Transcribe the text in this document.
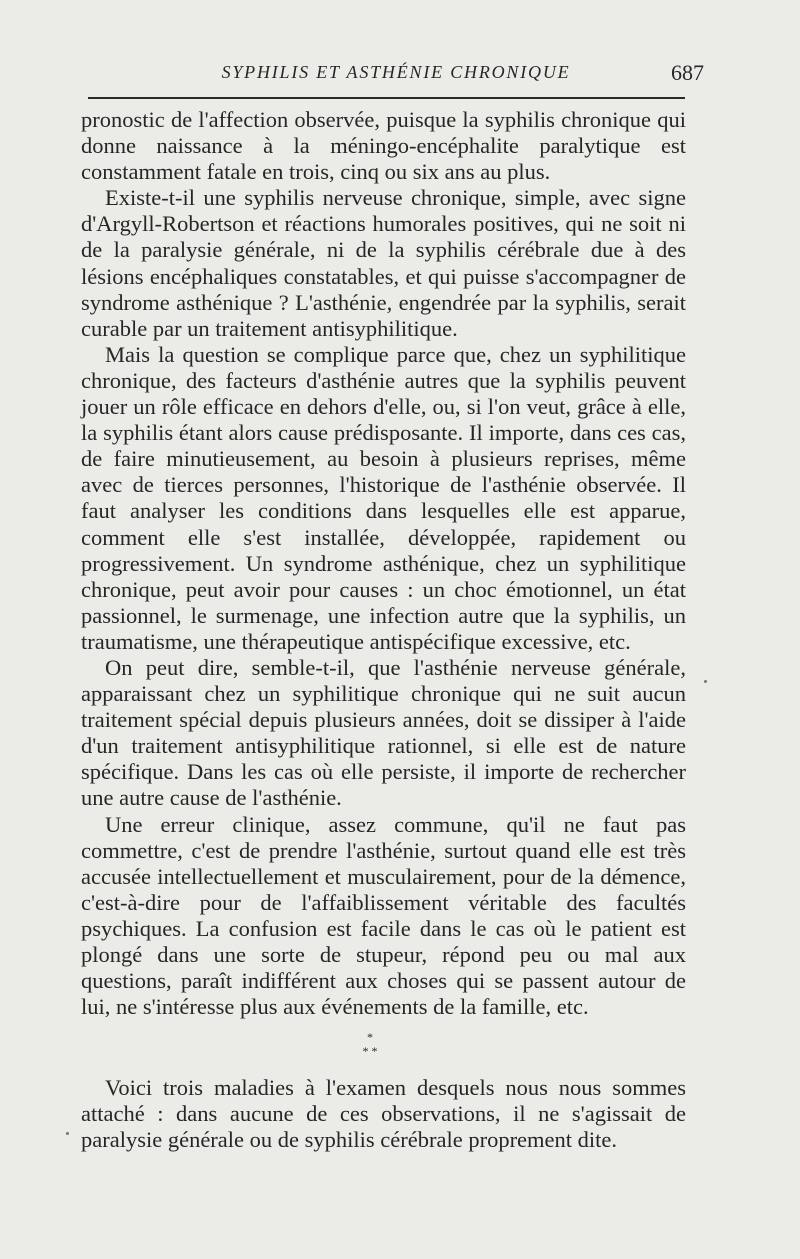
SYPHILIS ET ASTHÉNIE CHRONIQUE	687

pronostic de l'affection observée, puisque la syphilis chronique qui donne naissance à la méningo-encéphalite paralytique est constamment fatale en trois, cinq ou six ans au plus.

Existe-t-il une syphilis nerveuse chronique, simple, avec signe d'Argyll-Robertson et réactions humorales positives, qui ne soit ni de la paralysie générale, ni de la syphilis cérébrale due à des lésions encéphaliques constatables, et qui puisse s'accompagner de syndrome asthénique ? L'asthénie, engendrée par la syphilis, serait curable par un traitement antisyphilitique.

Mais la question se complique parce que, chez un syphilitique chronique, des facteurs d'asthénie autres que la syphilis peuvent jouer un rôle efficace en dehors d'elle, ou, si l'on veut, grâce à elle, la syphilis étant alors cause prédisposante. Il importe, dans ces cas, de faire minutieusement, au besoin à plusieurs reprises, même avec de tierces personnes, l'historique de l'asthénie observée. Il faut analyser les conditions dans lesquelles elle est apparue, comment elle s'est installée, développée, rapidement ou progressivement. Un syndrome asthénique, chez un syphilitique chronique, peut avoir pour causes : un choc émotionnel, un état passionnel, le surmenage, une infection autre que la syphilis, un traumatisme, une thérapeutique antispécifique excessive, etc.

On peut dire, semble-t-il, que l'asthénie nerveuse générale, apparaissant chez un syphilitique chronique qui ne suit aucun traitement spécial depuis plusieurs années, doit se dissiper à l'aide d'un traitement antisyphilitique rationnel, si elle est de nature spécifique. Dans les cas où elle persiste, il importe de rechercher une autre cause de l'asthénie.

Une erreur clinique, assez commune, qu'il ne faut pas commettre, c'est de prendre l'asthénie, surtout quand elle est très accusée intellectuellement et musculairement, pour de la démence, c'est-à-dire pour de l'affaiblissement véritable des facultés psychiques. La confusion est facile dans le cas où le patient est plongé dans une sorte de stupeur, répond peu ou mal aux questions, paraît indifférent aux choses qui se passent autour de lui, ne s'intéresse plus aux événements de la famille, etc.

*
* *

Voici trois maladies à l'examen desquels nous nous sommes attaché : dans aucune de ces observations, il ne s'agissait de paralysie générale ou de syphilis cérébrale proprement dite.
